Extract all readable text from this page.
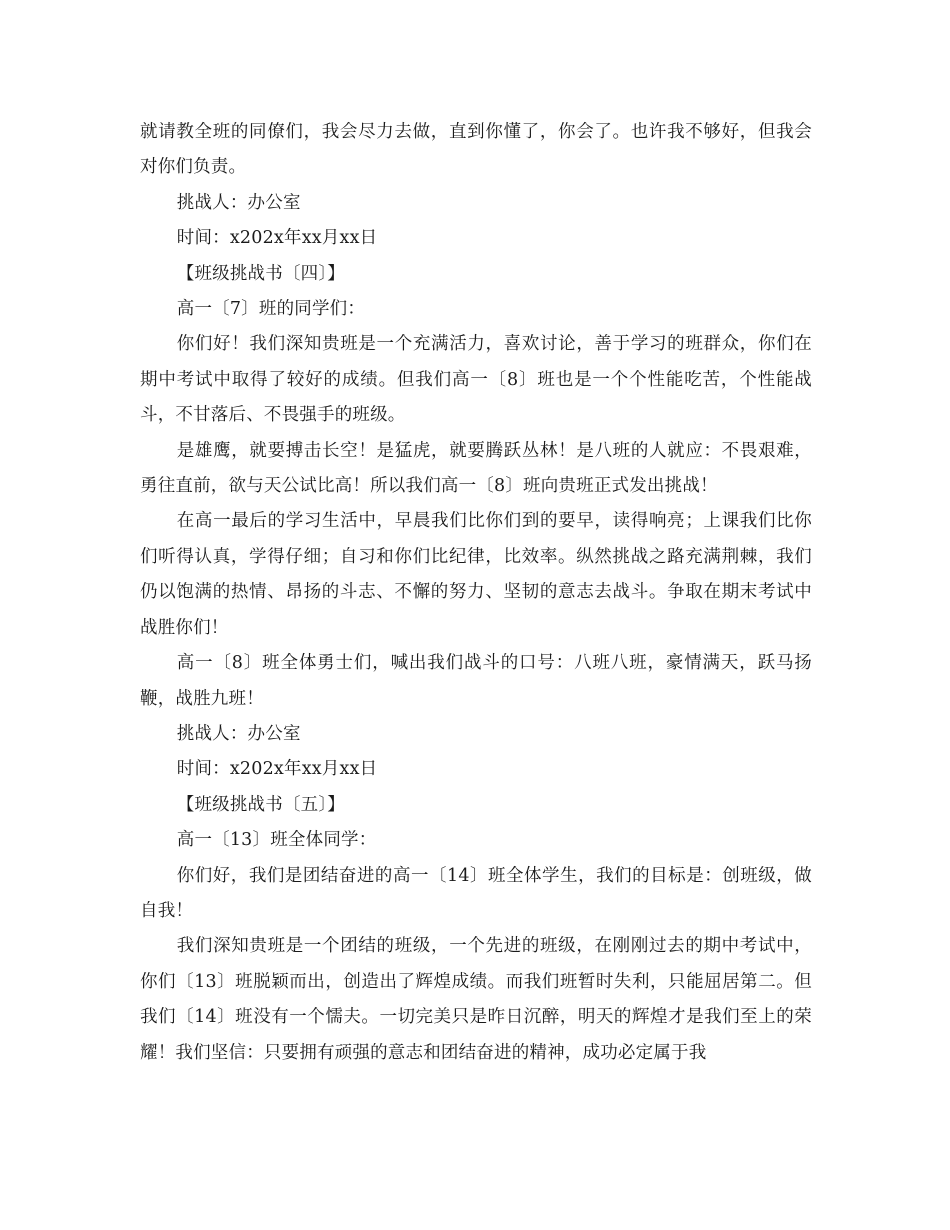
就请教全班的同僚们，我会尽力去做，直到你懂了，你会了。也许我不够好，但我会对你们负责。

挑战人：办公室

时间：x202x年xx月xx日

【班级挑战书〔四〕】

高一〔7〕班的同学们：

你们好！我们深知贵班是一个充满活力，喜欢讨论，善于学习的班群众，你们在期中考试中取得了较好的成绩。但我们高一〔8〕班也是一个个性能吃苦，个性能战斗，不甘落后、不畏强手的班级。

是雄鹰，就要搏击长空！是猛虎，就要腾跃丛林！是八班的人就应：不畏艰难，勇往直前，欲与天公试比高！所以我们高一〔8〕班向贵班正式发出挑战！

在高一最后的学习生活中，早晨我们比你们到的要早，读得响亮；上课我们比你们听得认真，学得仔细；自习和你们比纪律，比效率。纵然挑战之路充满荆棘，我们仍以饱满的热情、昂扬的斗志、不懈的努力、坚韧的意志去战斗。争取在期末考试中战胜你们！

高一〔8〕班全体勇士们，喊出我们战斗的口号：八班八班，豪情满天，跃马扬鞭，战胜九班！

挑战人：办公室

时间：x202x年xx月xx日

【班级挑战书〔五〕】

高一〔13〕班全体同学：

你们好，我们是团结奋进的高一〔14〕班全体学生，我们的目标是：创班级，做自我！

我们深知贵班是一个团结的班级，一个先进的班级，在刚刚过去的期中考试中，你们〔13〕班脱颖而出，创造出了辉煌成绩。而我们班暂时失利，只能屈居第二。但我们〔14〕班没有一个懦夫。一切完美只是昨日沉醉，明天的辉煌才是我们至上的荣耀！我们坚信：只要拥有顽强的意志和团结奋进的精神，成功必定属于我
